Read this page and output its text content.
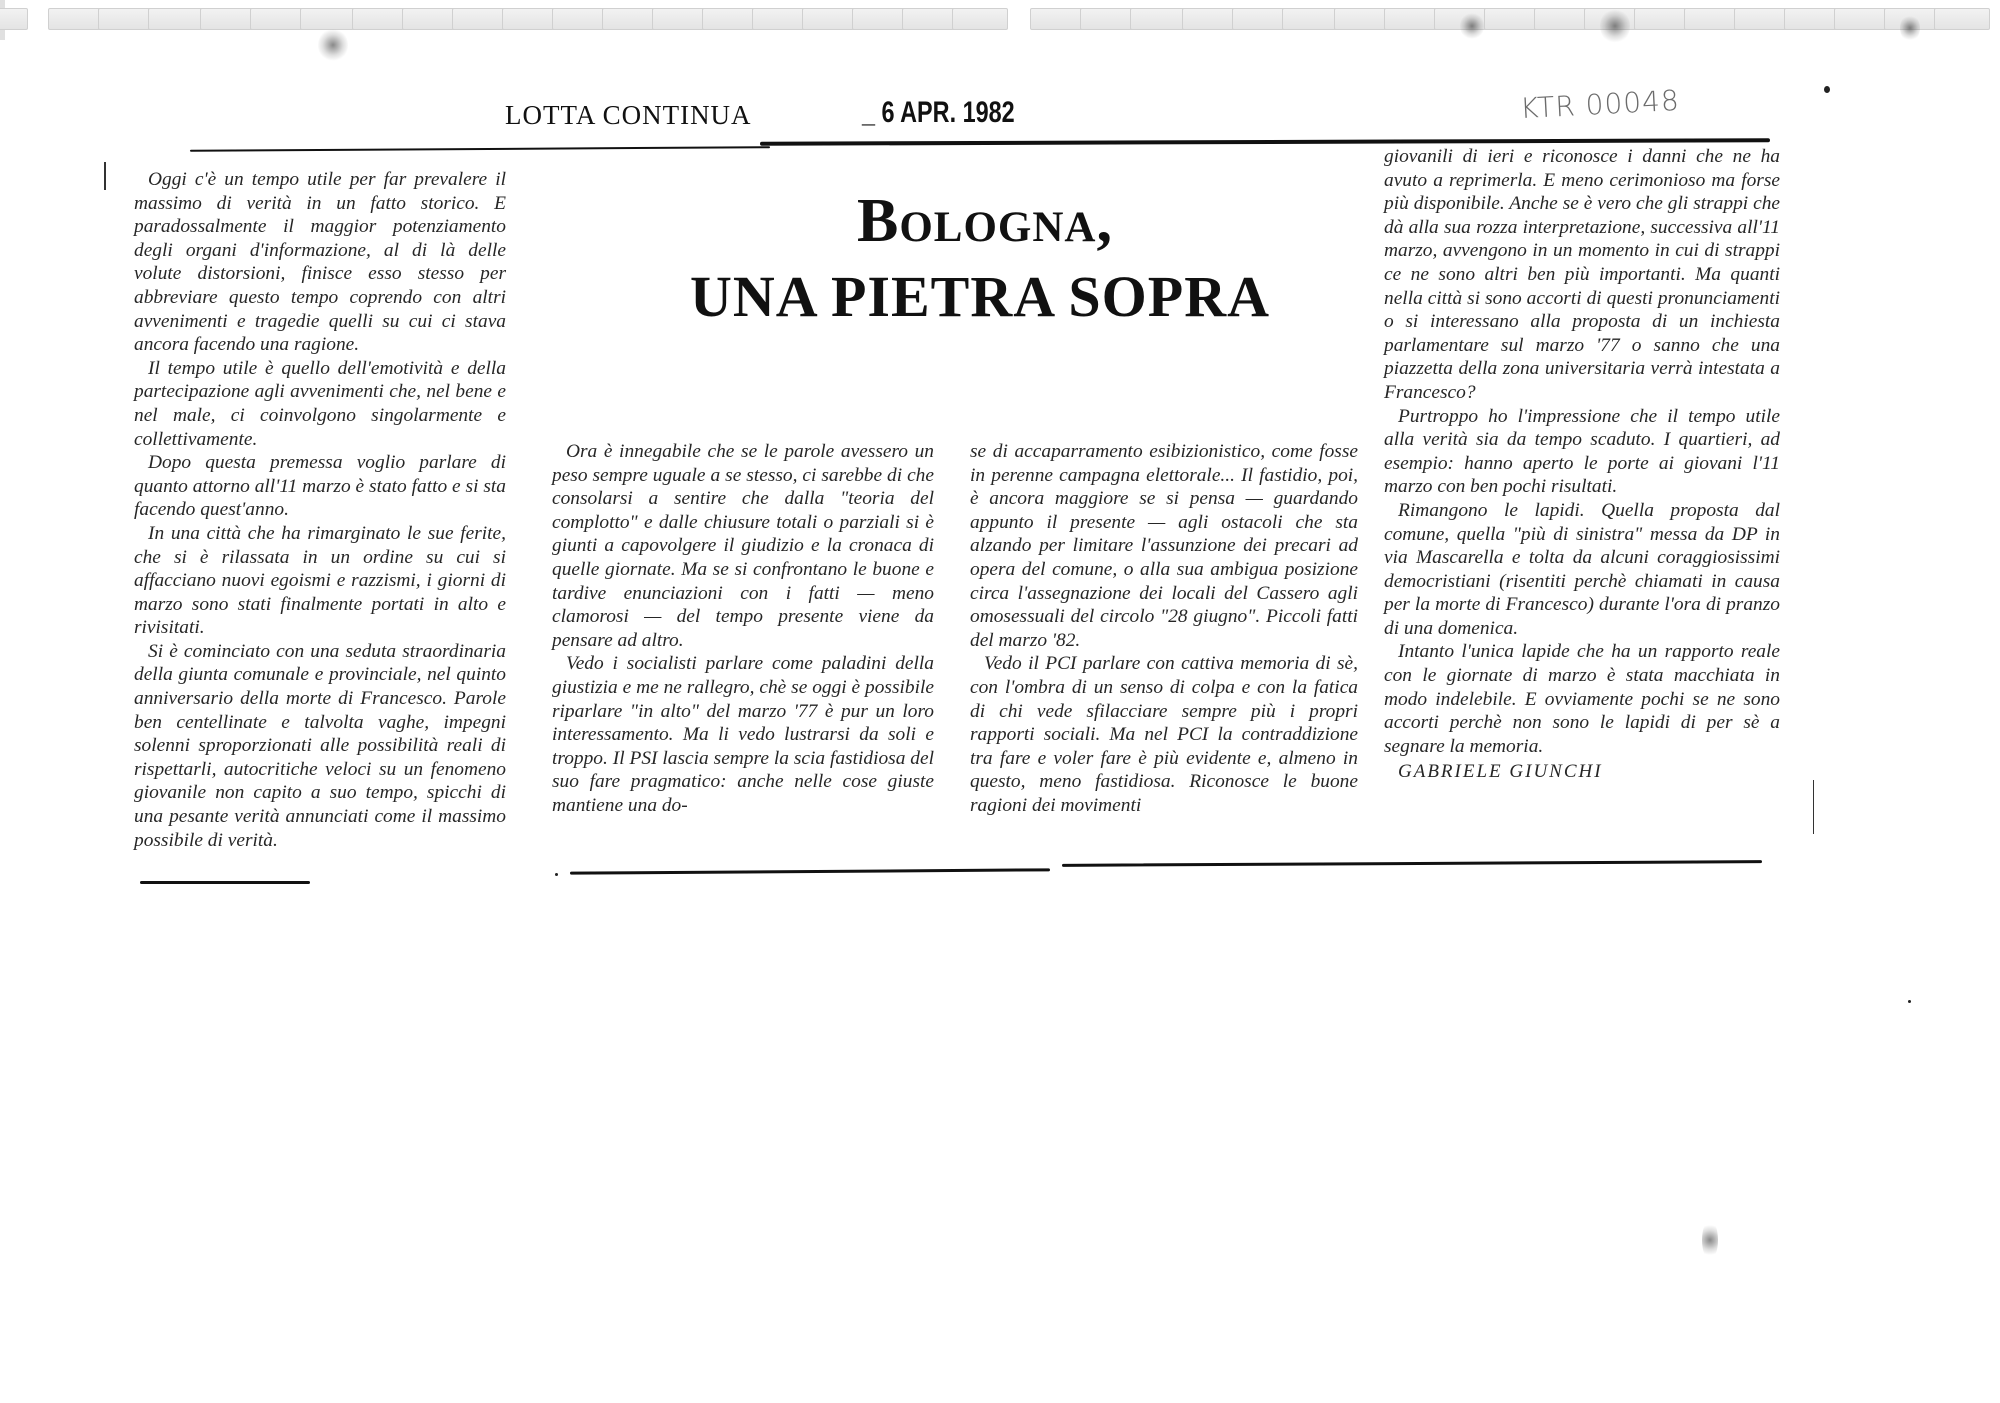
LOTTA CONTINUA	_ 6 APR. 1982	KTR 00048
Bologna,
UNA PIETRA SOPRA

Oggi c'è un tempo utile per far prevalere il massimo di verità in un fatto storico. E paradossalmente il maggior potenziamento degli organi d'informazione, al di là delle volute distorsioni, finisce esso stesso per abbreviare questo tempo coprendo con altri avvenimenti e tragedie quelli su cui ci stava ancora facendo una ragione.

Il tempo utile è quello dell'emotività e della partecipazione agli avvenimenti che, nel bene e nel male, ci coinvolgono singolarmente e collettivamente.

Dopo questa premessa voglio parlare di quanto attorno all'11 marzo è stato fatto e si sta facendo quest'anno.

In una città che ha rimarginato le sue ferite, che si è rilassata in un ordine su cui si affacciano nuovi egoismi e razzismi, i giorni di marzo sono stati finalmente portati in alto e rivisitati.

Si è cominciato con una seduta straordinaria della giunta comunale e provinciale, nel quinto anniversario della morte di Francesco. Parole ben centellinate e talvolta vaghe, impegni solenni sproporzionati alle possibilità reali di rispettarli, autocritiche veloci su un fenomeno giovanile non capito a suo tempo, spicchi di una pesante verità annunciati come il massimo possibile di verità.

Ora è innegabile che se le parole avessero un peso sempre uguale a se stesso, ci sarebbe di che consolarsi a sentire che dalla "teoria del complotto" e dalle chiusure totali o parziali si è giunti a capovolgere il giudizio e la cronaca di quelle giornate. Ma se si confrontano le buone e tardive enunciazioni con i fatti — meno clamorosi — del tempo presente viene da pensare ad altro.

Vedo i socialisti parlare come paladini della giustizia e me ne rallegro, chè se oggi è possibile riparlare "in alto" del marzo '77 è pur un loro interessamento. Ma li vedo lustrarsi da soli e troppo. Il PSI lascia sempre la scia fastidiosa del suo fare pragmatico: anche nelle cose giuste mantiene una do-

se di accaparramento esibizionistico, come fosse in perenne campagna elettorale... Il fastidio, poi, è ancora maggiore se si pensa — guardando appunto il presente — agli ostacoli che sta alzando per limitare l'assunzione dei precari ad opera del comune, o alla sua ambigua posizione circa l'assegnazione dei locali del Cassero agli omosessuali del circolo "28 giugno". Piccoli fatti del marzo '82.

Vedo il PCI parlare con cattiva memoria di sè, con l'ombra di un senso di colpa e con la fatica di chi vede sfilacciare sempre più i propri rapporti sociali. Ma nel PCI la contraddizione tra fare e voler fare è più evidente e, almeno in questo, meno fastidiosa. Riconosce le buone ragioni dei movimenti

giovanili di ieri e riconosce i danni che ne ha avuto a reprimerla. E meno cerimonioso ma forse più disponibile. Anche se è vero che gli strappi che dà alla sua rozza interpretazione, successiva all'11 marzo, avvengono in un momento in cui di strappi ce ne sono altri ben più importanti. Ma quanti nella città si sono accorti di questi pronunciamenti o si interessano alla proposta di un inchiesta parlamentare sul marzo '77 o sanno che una piazzetta della zona universitaria verrà intestata a Francesco?

Purtroppo ho l'impressione che il tempo utile alla verità sia da tempo scaduto. I quartieri, ad esempio: hanno aperto le porte ai giovani l'11 marzo con ben pochi risultati.

Rimangono le lapidi. Quella proposta dal comune, quella "più di sinistra" messa da DP in via Mascarella e tolta da alcuni coraggiosissimi democristiani (risentiti perchè chiamati in causa per la morte di Francesco) durante l'ora di pranzo di una domenica.

Intanto l'unica lapide che ha un rapporto reale con le giornate di marzo è stata macchiata in modo indelebile. E ovviamente pochi se ne sono accorti perchè non sono le lapidi di per sè a segnare la memoria.

GABRIELE GIUNCHI
